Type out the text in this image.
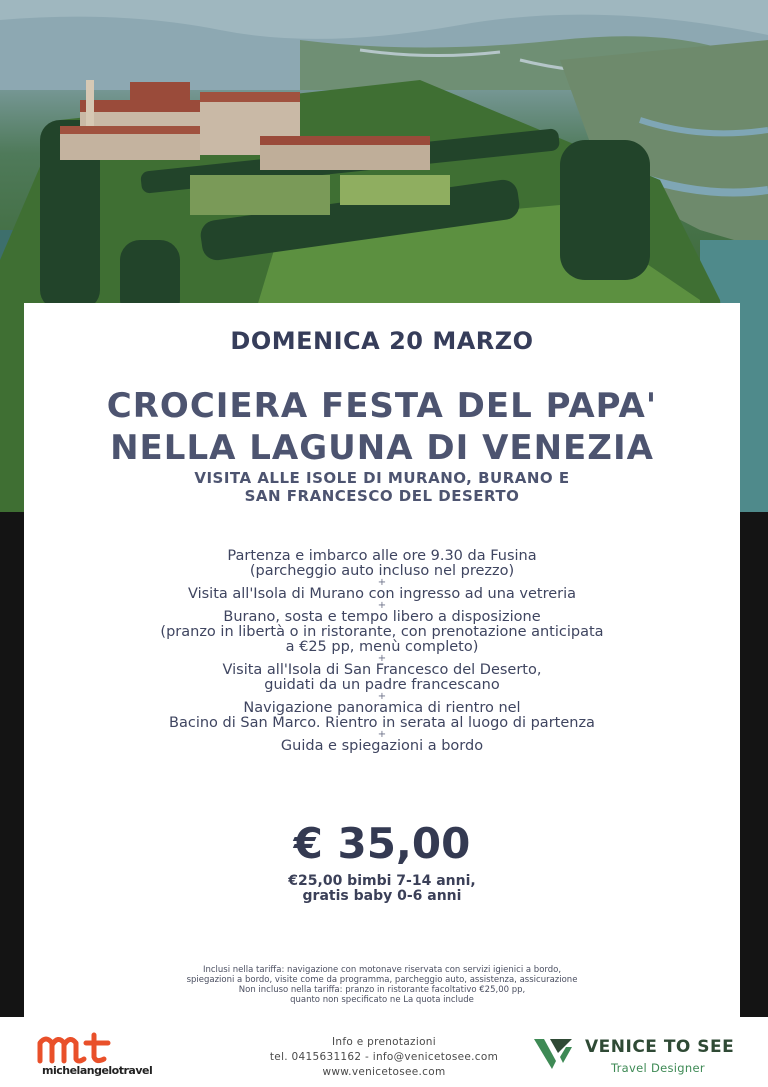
DOMENICA 20 MARZO
CROCIERA FESTA DEL PAPA'
NELLA LAGUNA DI VENEZIA
VISITA ALLE ISOLE DI MURANO, BURANO E
SAN FRANCESCO DEL DESERTO
Partenza e imbarco alle ore 9.30 da Fusina
(parcheggio auto incluso nel prezzo)
+
Visita all'Isola di Murano con ingresso ad una vetreria
+
Burano, sosta e tempo libero a disposizione
(pranzo in libertà o in ristorante, con prenotazione anticipata
a €25 pp, menù completo)
+
Visita all'Isola di San Francesco del Deserto,
guidati da un padre francescano
+
Navigazione panoramica di rientro nel
Bacino di San Marco. Rientro in serata al luogo di partenza
+
Guida e spiegazioni a bordo
€ 35,00
€25,00 bimbi 7-14 anni,
gratis baby 0-6 anni
Inclusi nella tariffa: navigazione con motonave riservata con servizi igienici a bordo,
spiegazioni a bordo, visite come da programma, parcheggio auto, assistenza, assicurazione
Non incluso nella tariffa: pranzo in ristorante facoltativo €25,00 pp,
quanto non specificato ne La quota include
michelangelotravel
Info e prenotazioni
tel. 0415631162 - info@venicetosee.com
www.venicetosee.com
VENICE TO SEE
Travel Designer
